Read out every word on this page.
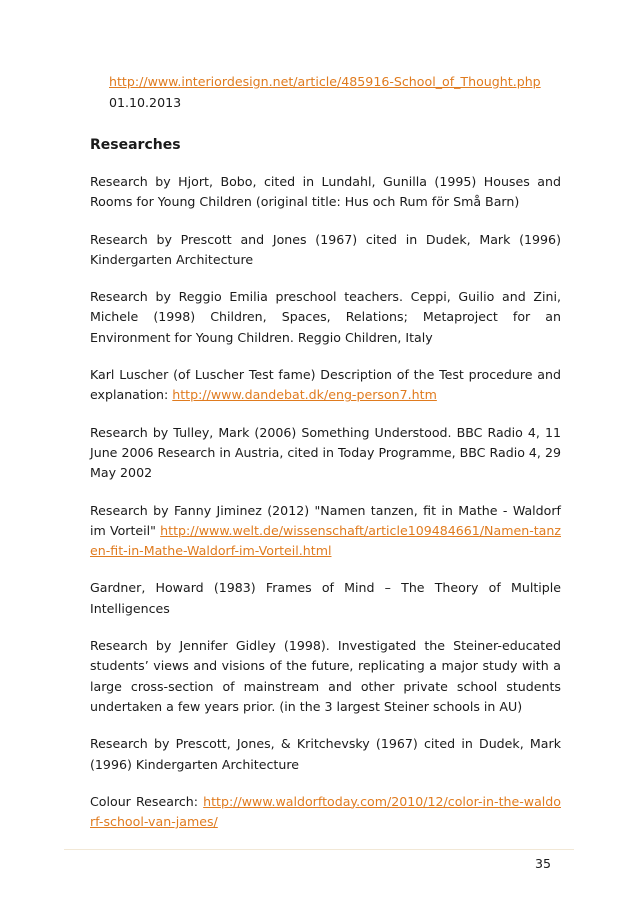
http://www.interiordesign.net/article/485916-School_of_Thought.php 01.10.2013
Researches

Research by Hjort, Bobo, cited in Lundahl, Gunilla (1995) Houses and Rooms for Young Children (original title: Hus och Rum för Små Barn)

Research by Prescott and Jones (1967) cited in Dudek, Mark (1996) Kindergarten Architecture

Research by Reggio Emilia preschool teachers. Ceppi, Guilio and Zini, Michele (1998) Children, Spaces, Relations; Metaproject for an Environment for Young Children. Reggio Children, Italy

Karl Luscher (of Luscher Test fame) Description of the Test procedure and explanation: http://www.dandebat.dk/eng-person7.htm

Research by Tulley, Mark (2006) Something Understood. BBC Radio 4, 11 June 2006 Research in Austria, cited in Today Programme, BBC Radio 4, 29 May 2002

Research by Fanny Jiminez (2012) "Namen tanzen, fit in Mathe - Waldorf im Vorteil" http://www.welt.de/wissenschaft/article109484661/Namen-tanzen-fit-in-Mathe-Waldorf-im-Vorteil.html

Gardner, Howard (1983) Frames of Mind – The Theory of Multiple Intelligences

Research by Jennifer Gidley (1998). Investigated the Steiner-educated students’ views and visions of the future, replicating a major study with a large cross-section of mainstream and other private school students undertaken a few years prior. (in the 3 largest Steiner schools in AU)

Research by Prescott, Jones, & Kritchevsky (1967) cited in Dudek, Mark (1996) Kindergarten Architecture

Colour Research: http://www.waldorftoday.com/2010/12/color-in-the-waldorf-school-van-james/

35
